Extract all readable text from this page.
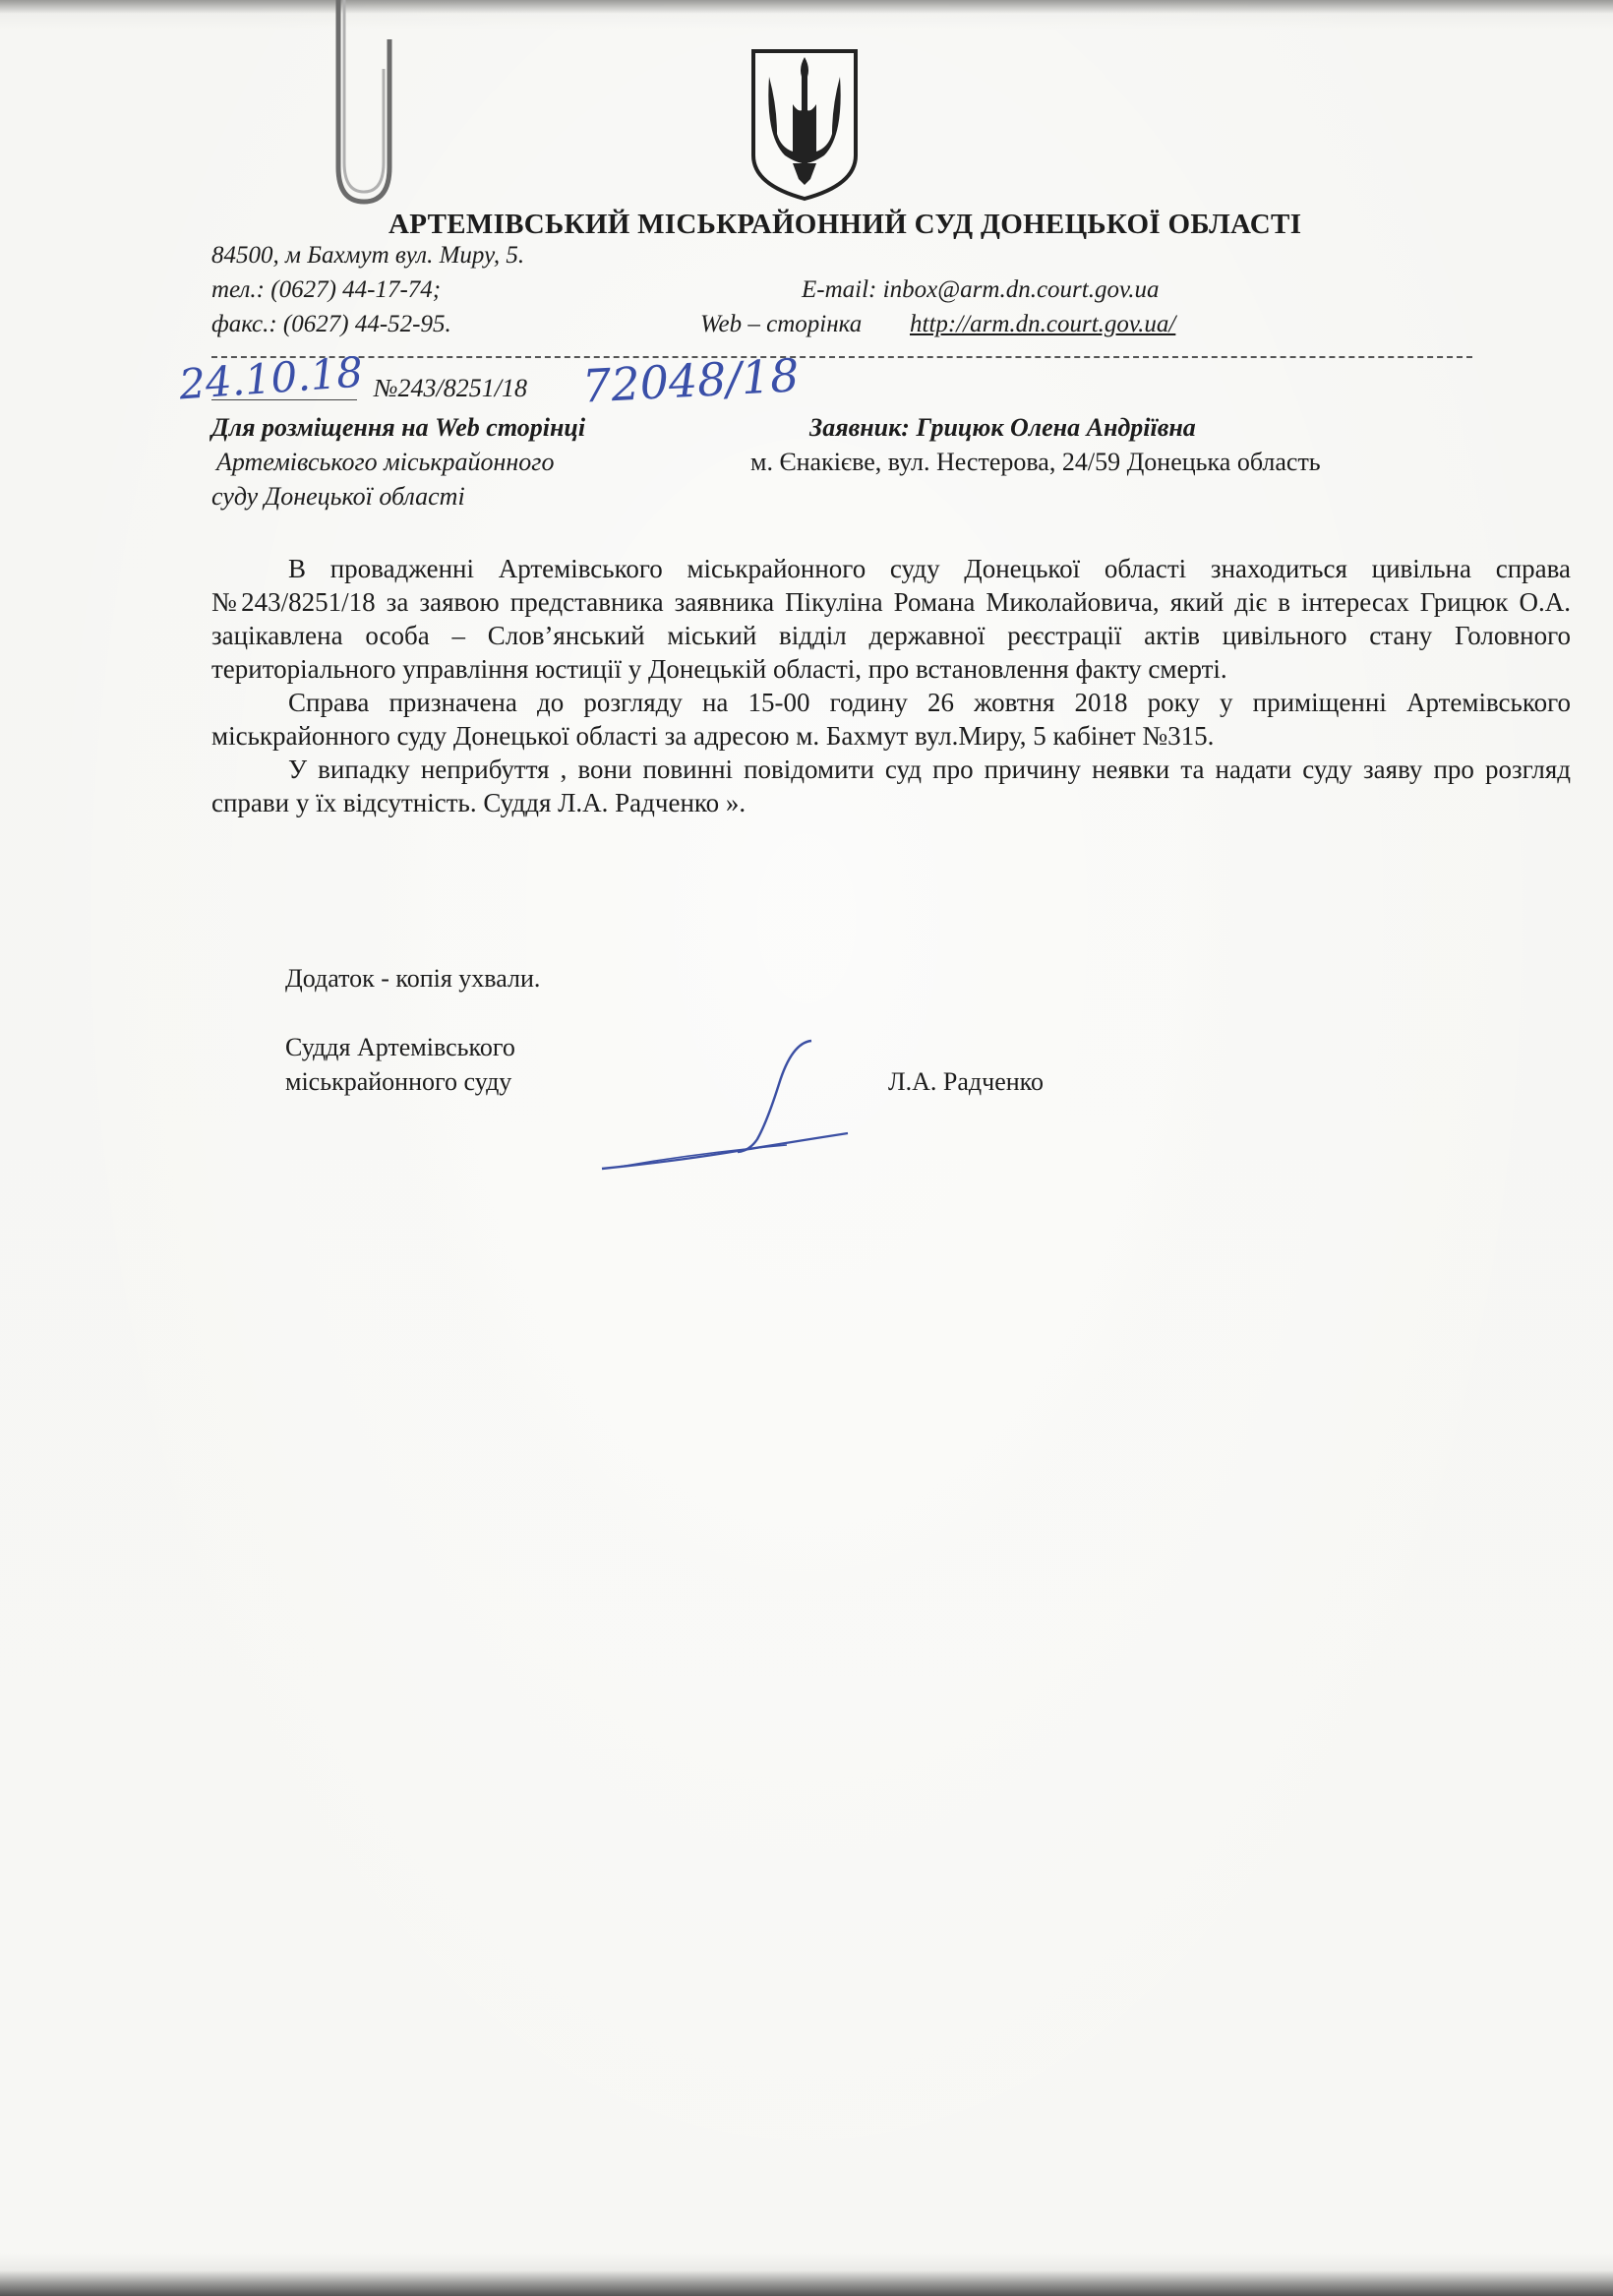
АРТЕМІВСЬКИЙ МІСЬКРАЙОННИЙ СУД ДОНЕЦЬКОЇ ОБЛАСТІ
84500, м Бахмут вул. Миру, 5.
тел.: (0627) 44-17-74;	E-mail: inbox@arm.dn.court.gov.ua
факс.: (0627) 44-52-95.	Web – сторінка http://arm.dn.court.gov.ua/
24.10.18 №243/8251/18 72048/18
Для розміщення на Web сторінці
Артемівського міськрайонного
суду Донецької області
Заявник: Грицюк Олена Андріївна
м. Єнакієве, вул. Нестерова, 24/59 Донецька область

В провадженні Артемівського міськрайонного суду Донецької області знаходиться цивільна справа №243/8251/18 за заявою представника заявника Пікуліна Романа Миколайовича, який діє в інтересах Грицюк О.А. зацікавлена особа – Слов’янський міський відділ державної реєстрації актів цивільного стану Головного територіального управління юстиції у Донецькій області, про встановлення факту смерті.

Справа призначена до розгляду на 15-00 годину 26 жовтня 2018 року у приміщенні Артемівського міськрайонного суду Донецької області за адресою м. Бахмут вул.Миру, 5 кабінет №315.

У випадку неприбуття , вони повинні повідомити суд про причину неявки та надати суду заяву про розгляд справи у їх відсутність. Суддя Л.А. Радченко ».

Додаток - копія ухвали.
Суддя Артемівського
міськрайонного суду	Л.А. Радченко
